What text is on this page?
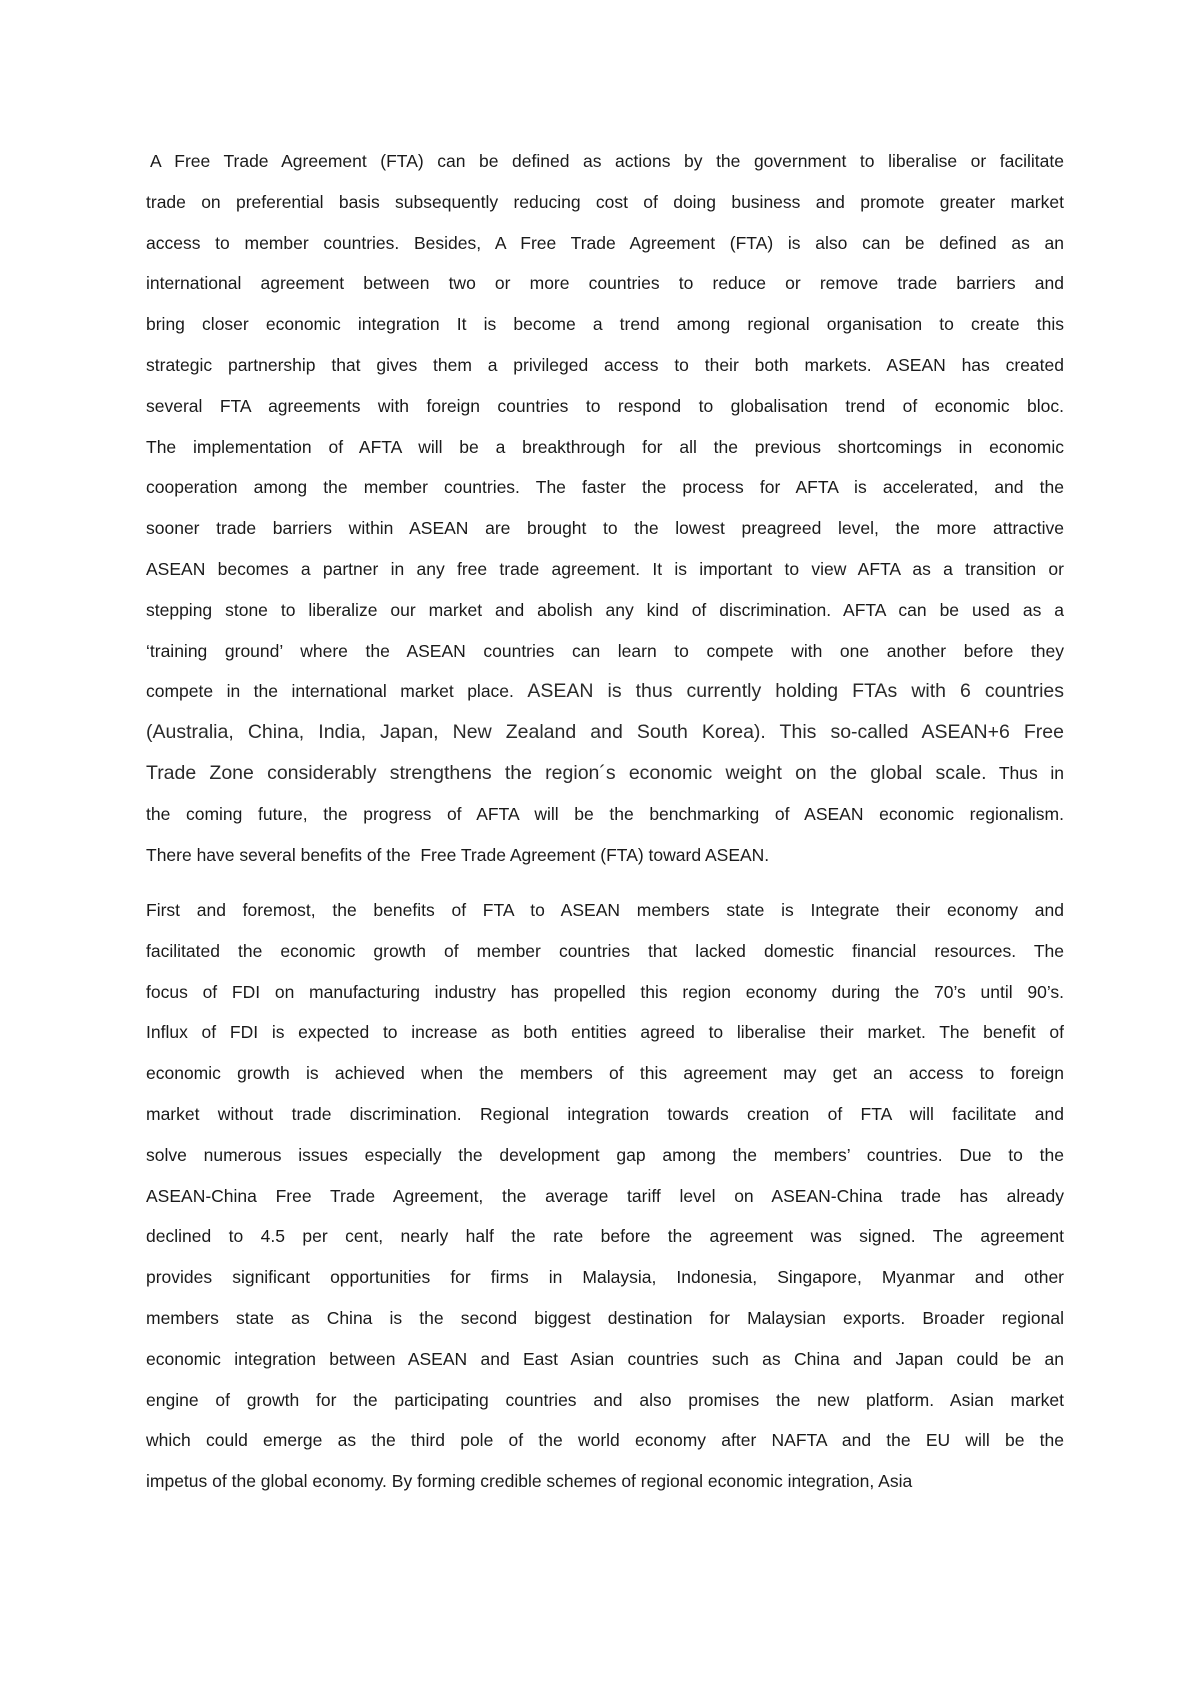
A Free Trade Agreement (FTA) can be defined as actions by the government to liberalise or facilitate
trade on preferential basis subsequently reducing cost of doing business and promote greater market
access to member countries. Besides, A Free Trade Agreement (FTA) is also can be defined as an
international agreement between two or more countries to reduce or remove trade barriers and
bring closer economic integration It is become a trend among regional organisation to create this
strategic partnership that gives them a privileged access to their both markets. ASEAN has created
several FTA agreements with foreign countries to respond to globalisation trend of economic bloc.
The implementation of AFTA will be a breakthrough for all the previous shortcomings in economic
cooperation among the member countries. The faster the process for AFTA is accelerated, and the
sooner trade barriers within ASEAN are brought to the lowest preagreed level, the more attractive
ASEAN becomes a partner in any free trade agreement. It is important to view AFTA as a transition or
stepping stone to liberalize our market and abolish any kind of discrimination. AFTA can be used as a
‘training ground’ where the ASEAN countries can learn to compete with one another before they
compete in the international market place. ASEAN is thus currently holding FTAs with 6 countries
(Australia, China, India, Japan, New Zealand and South Korea). This so-called ASEAN+6 Free
Trade Zone considerably strengthens the region´s economic weight on the global scale. Thus in
the coming future, the progress of AFTA will be the benchmarking of ASEAN economic regionalism.
There have several benefits of the  Free Trade Agreement (FTA) toward ASEAN.
First and foremost, the benefits of FTA to ASEAN members state is Integrate their economy and
facilitated the economic growth of member countries that lacked domestic financial resources. The
focus of FDI on manufacturing industry has propelled this region economy during the 70’s until 90’s.
Influx of FDI is expected to increase as both entities agreed to liberalise their market. The benefit of
economic growth is achieved when the members of this agreement may get an access to foreign
market without trade discrimination. Regional integration towards creation of FTA will facilitate and
solve numerous issues especially the development gap among the members’ countries. Due to the
ASEAN-China Free Trade Agreement, the average tariff level on ASEAN-China trade has already
declined to 4.5 per cent, nearly half the rate before the agreement was signed. The agreement
provides significant opportunities for firms in Malaysia, Indonesia, Singapore, Myanmar and other
members state as China is the second biggest destination for Malaysian exports. Broader regional
economic integration between ASEAN and East Asian countries such as China and Japan could be an
engine of growth for the participating countries and also promises the new platform. Asian market
which could emerge as the third pole of the world economy after NAFTA and the EU will be the
impetus of the global economy. By forming credible schemes of regional economic integration, Asia
